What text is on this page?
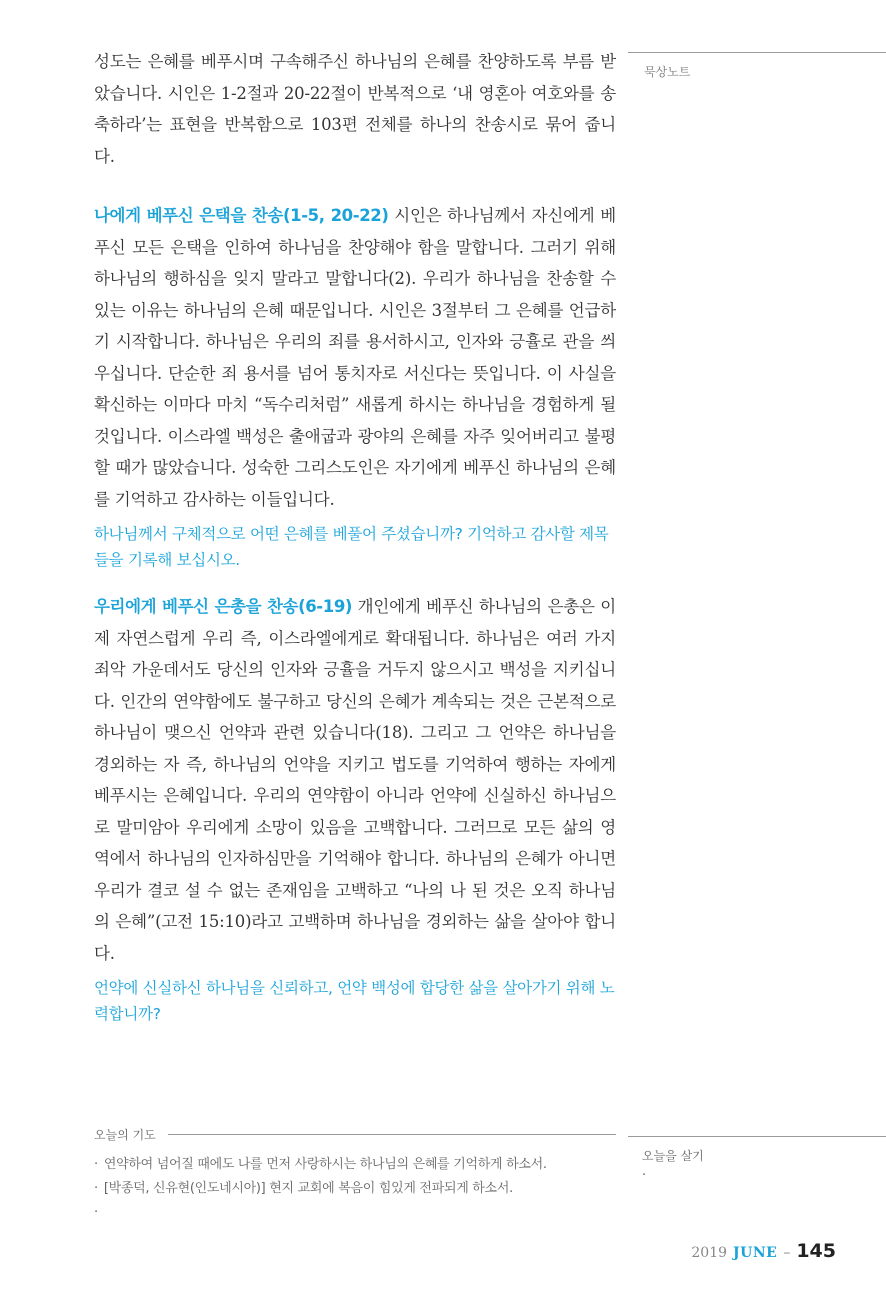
성도는 은혜를 베푸시며 구속해주신 하나님의 은혜를 찬양하도록 부름 받았습니다. 시인은 1-2절과 20-22절이 반복적으로 ‘내 영혼아 여호와를 송축하라’는 표현을 반복함으로 103편 전체를 하나의 찬송시로 묶어 줍니다.

나에게 베푸신 은택을 찬송(1-5, 20-22) 시인은 하나님께서 자신에게 베푸신 모든 은택을 인하여 하나님을 찬양해야 함을 말합니다. 그러기 위해 하나님의 행하심을 잊지 말라고 말합니다(2). 우리가 하나님을 찬송할 수 있는 이유는 하나님의 은혜 때문입니다. 시인은 3절부터 그 은혜를 언급하기 시작합니다. 하나님은 우리의 죄를 용서하시고, 인자와 긍휼로 관을 씌우십니다. 단순한 죄 용서를 넘어 통치자로 서신다는 뜻입니다. 이 사실을 확신하는 이마다 마치 “독수리처럼” 새롭게 하시는 하나님을 경험하게 될 것입니다. 이스라엘 백성은 출애굽과 광야의 은혜를 자주 잊어버리고 불평할 때가 많았습니다. 성숙한 그리스도인은 자기에게 베푸신 하나님의 은혜를 기억하고 감사하는 이들입니다.

하나님께서 구체적으로 어떤 은혜를 베풀어 주셨습니까? 기억하고 감사할 제목들을 기록해 보십시오.

우리에게 베푸신 은총을 찬송(6-19) 개인에게 베푸신 하나님의 은총은 이제 자연스럽게 우리 즉, 이스라엘에게로 확대됩니다. 하나님은 여러 가지 죄악 가운데서도 당신의 인자와 긍휼을 거두지 않으시고 백성을 지키십니다. 인간의 연약함에도 불구하고 당신의 은혜가 계속되는 것은 근본적으로 하나님이 맺으신 언약과 관련 있습니다(18). 그리고 그 언약은 하나님을 경외하는 자 즉, 하나님의 언약을 지키고 법도를 기억하여 행하는 자에게 베푸시는 은혜입니다. 우리의 연약함이 아니라 언약에 신실하신 하나님으로 말미암아 우리에게 소망이 있음을 고백합니다. 그러므로 모든 삶의 영역에서 하나님의 인자하심만을 기억해야 합니다. 하나님의 은혜가 아니면 우리가 결코 설 수 없는 존재임을 고백하고 “나의 나 된 것은 오직 하나님의 은혜”(고전 15:10)라고 고백하며 하나님을 경외하는 삶을 살아야 합니다.

언약에 신실하신 하나님을 신뢰하고, 언약 백성에 합당한 삶을 살아가기 위해 노력합니까?

묵상노트
오늘의 기도
· 연약하여 넘어질 때에도 나를 먼저 사랑하시는 하나님의 은혜를 기억하게 하소서.
· [박종덕, 신유현(인도네시아)] 현지 교회에 복음이 힘있게 전파되게 하소서.
·
오늘을 살기
·
2019 JUNE – 145
